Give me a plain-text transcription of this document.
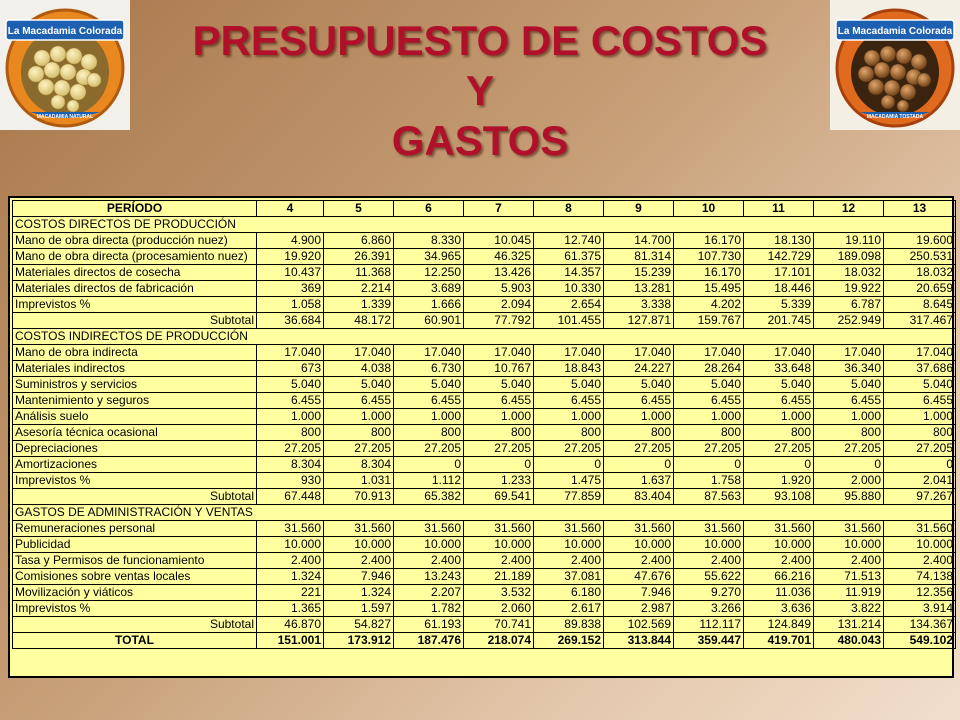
La Macadamia Colorada
MACADAMIA NATURAL
La Macadamia Colorada
MACADAMIA TOSTADA
PRESUPUESTO DE COSTOS
Y
GASTOS
PERÍODO	4	5	6	7	8	9	10	11	12	13
COSTOS DIRECTOS DE PRODUCCIÓN										
Mano de obra directa (producción nuez)	4.900	6.860	8.330	10.045	12.740	14.700	16.170	18.130	19.110	19.600
Mano de obra directa (procesamiento nuez)	19.920	26.391	34.965	46.325	61.375	81.314	107.730	142.729	189.098	250.531
Materiales directos de cosecha	10.437	11.368	12.250	13.426	14.357	15.239	16.170	17.101	18.032	18.032
Materiales directos de fabricación	369	2.214	3.689	5.903	10.330	13.281	15.495	18.446	19.922	20.659
Imprevistos %	1.058	1.339	1.666	2.094	2.654	3.338	4.202	5.339	6.787	8.645
Subtotal	36.684	48.172	60.901	77.792	101.455	127.871	159.767	201.745	252.949	317.467
COSTOS INDIRECTOS DE PRODUCCIÓN										
Mano de obra indirecta	17.040	17.040	17.040	17.040	17.040	17.040	17.040	17.040	17.040	17.040
Materiales indirectos	673	4.038	6.730	10.767	18.843	24.227	28.264	33.648	36.340	37.686
Suministros y servicios	5.040	5.040	5.040	5.040	5.040	5.040	5.040	5.040	5.040	5.040
Mantenimiento y seguros	6.455	6.455	6.455	6.455	6.455	6.455	6.455	6.455	6.455	6.455
Análisis suelo	1.000	1.000	1.000	1.000	1.000	1.000	1.000	1.000	1.000	1.000
Asesoría técnica ocasional	800	800	800	800	800	800	800	800	800	800
Depreciaciones	27.205	27.205	27.205	27.205	27.205	27.205	27.205	27.205	27.205	27.205
Amortizaciones	8.304	8.304	0	0	0	0	0	0	0	0
Imprevistos %	930	1.031	1.112	1.233	1.475	1.637	1.758	1.920	2.000	2.041
Subtotal	67.448	70.913	65.382	69.541	77.859	83.404	87.563	93.108	95.880	97.267
GASTOS DE ADMINISTRACIÓN Y VENTAS										
Remuneraciones personal	31.560	31.560	31.560	31.560	31.560	31.560	31.560	31.560	31.560	31.560
Publicidad	10.000	10.000	10.000	10.000	10.000	10.000	10.000	10.000	10.000	10.000
Tasa y Permisos de funcionamiento	2.400	2.400	2.400	2.400	2.400	2.400	2.400	2.400	2.400	2.400
Comisiones sobre ventas locales	1.324	7.946	13.243	21.189	37.081	47.676	55.622	66.216	71.513	74.138
Movilización y viáticos	221	1.324	2.207	3.532	6.180	7.946	9.270	11.036	11.919	12.356
Imprevistos %	1.365	1.597	1.782	2.060	2.617	2.987	3.266	3.636	3.822	3.914
Subtotal	46.870	54.827	61.193	70.741	89.838	102.569	112.117	124.849	131.214	134.367
TOTAL	151.001	173.912	187.476	218.074	269.152	313.844	359.447	419.701	480.043	549.102
